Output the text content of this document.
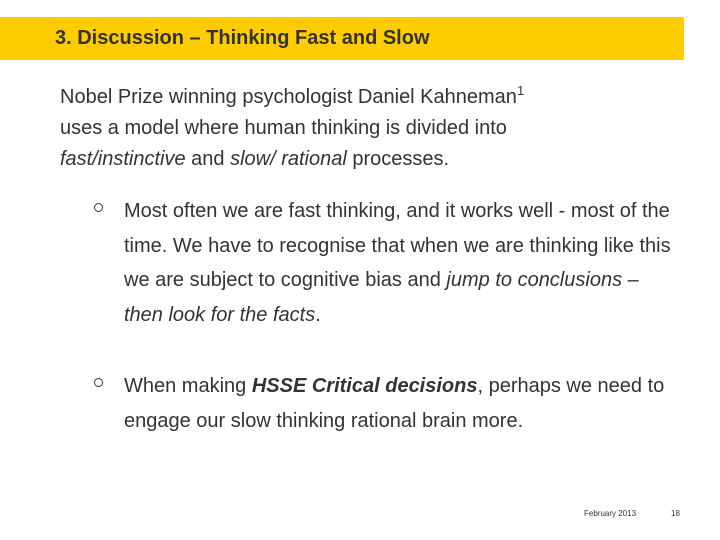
3. Discussion – Thinking Fast and Slow
Nobel Prize winning psychologist Daniel Kahneman$^1$
uses a model where human thinking is divided into
fast/instinctive and slow/ rational processes.
Most often we are fast thinking, and it works well - most of the time. We have to recognise that when we are thinking like this we are subject to cognitive bias and jump to conclusions – then look for the facts.
When making HSSE Critical decisions, perhaps we need to engage our slow thinking rational brain more.
February 2013	18
